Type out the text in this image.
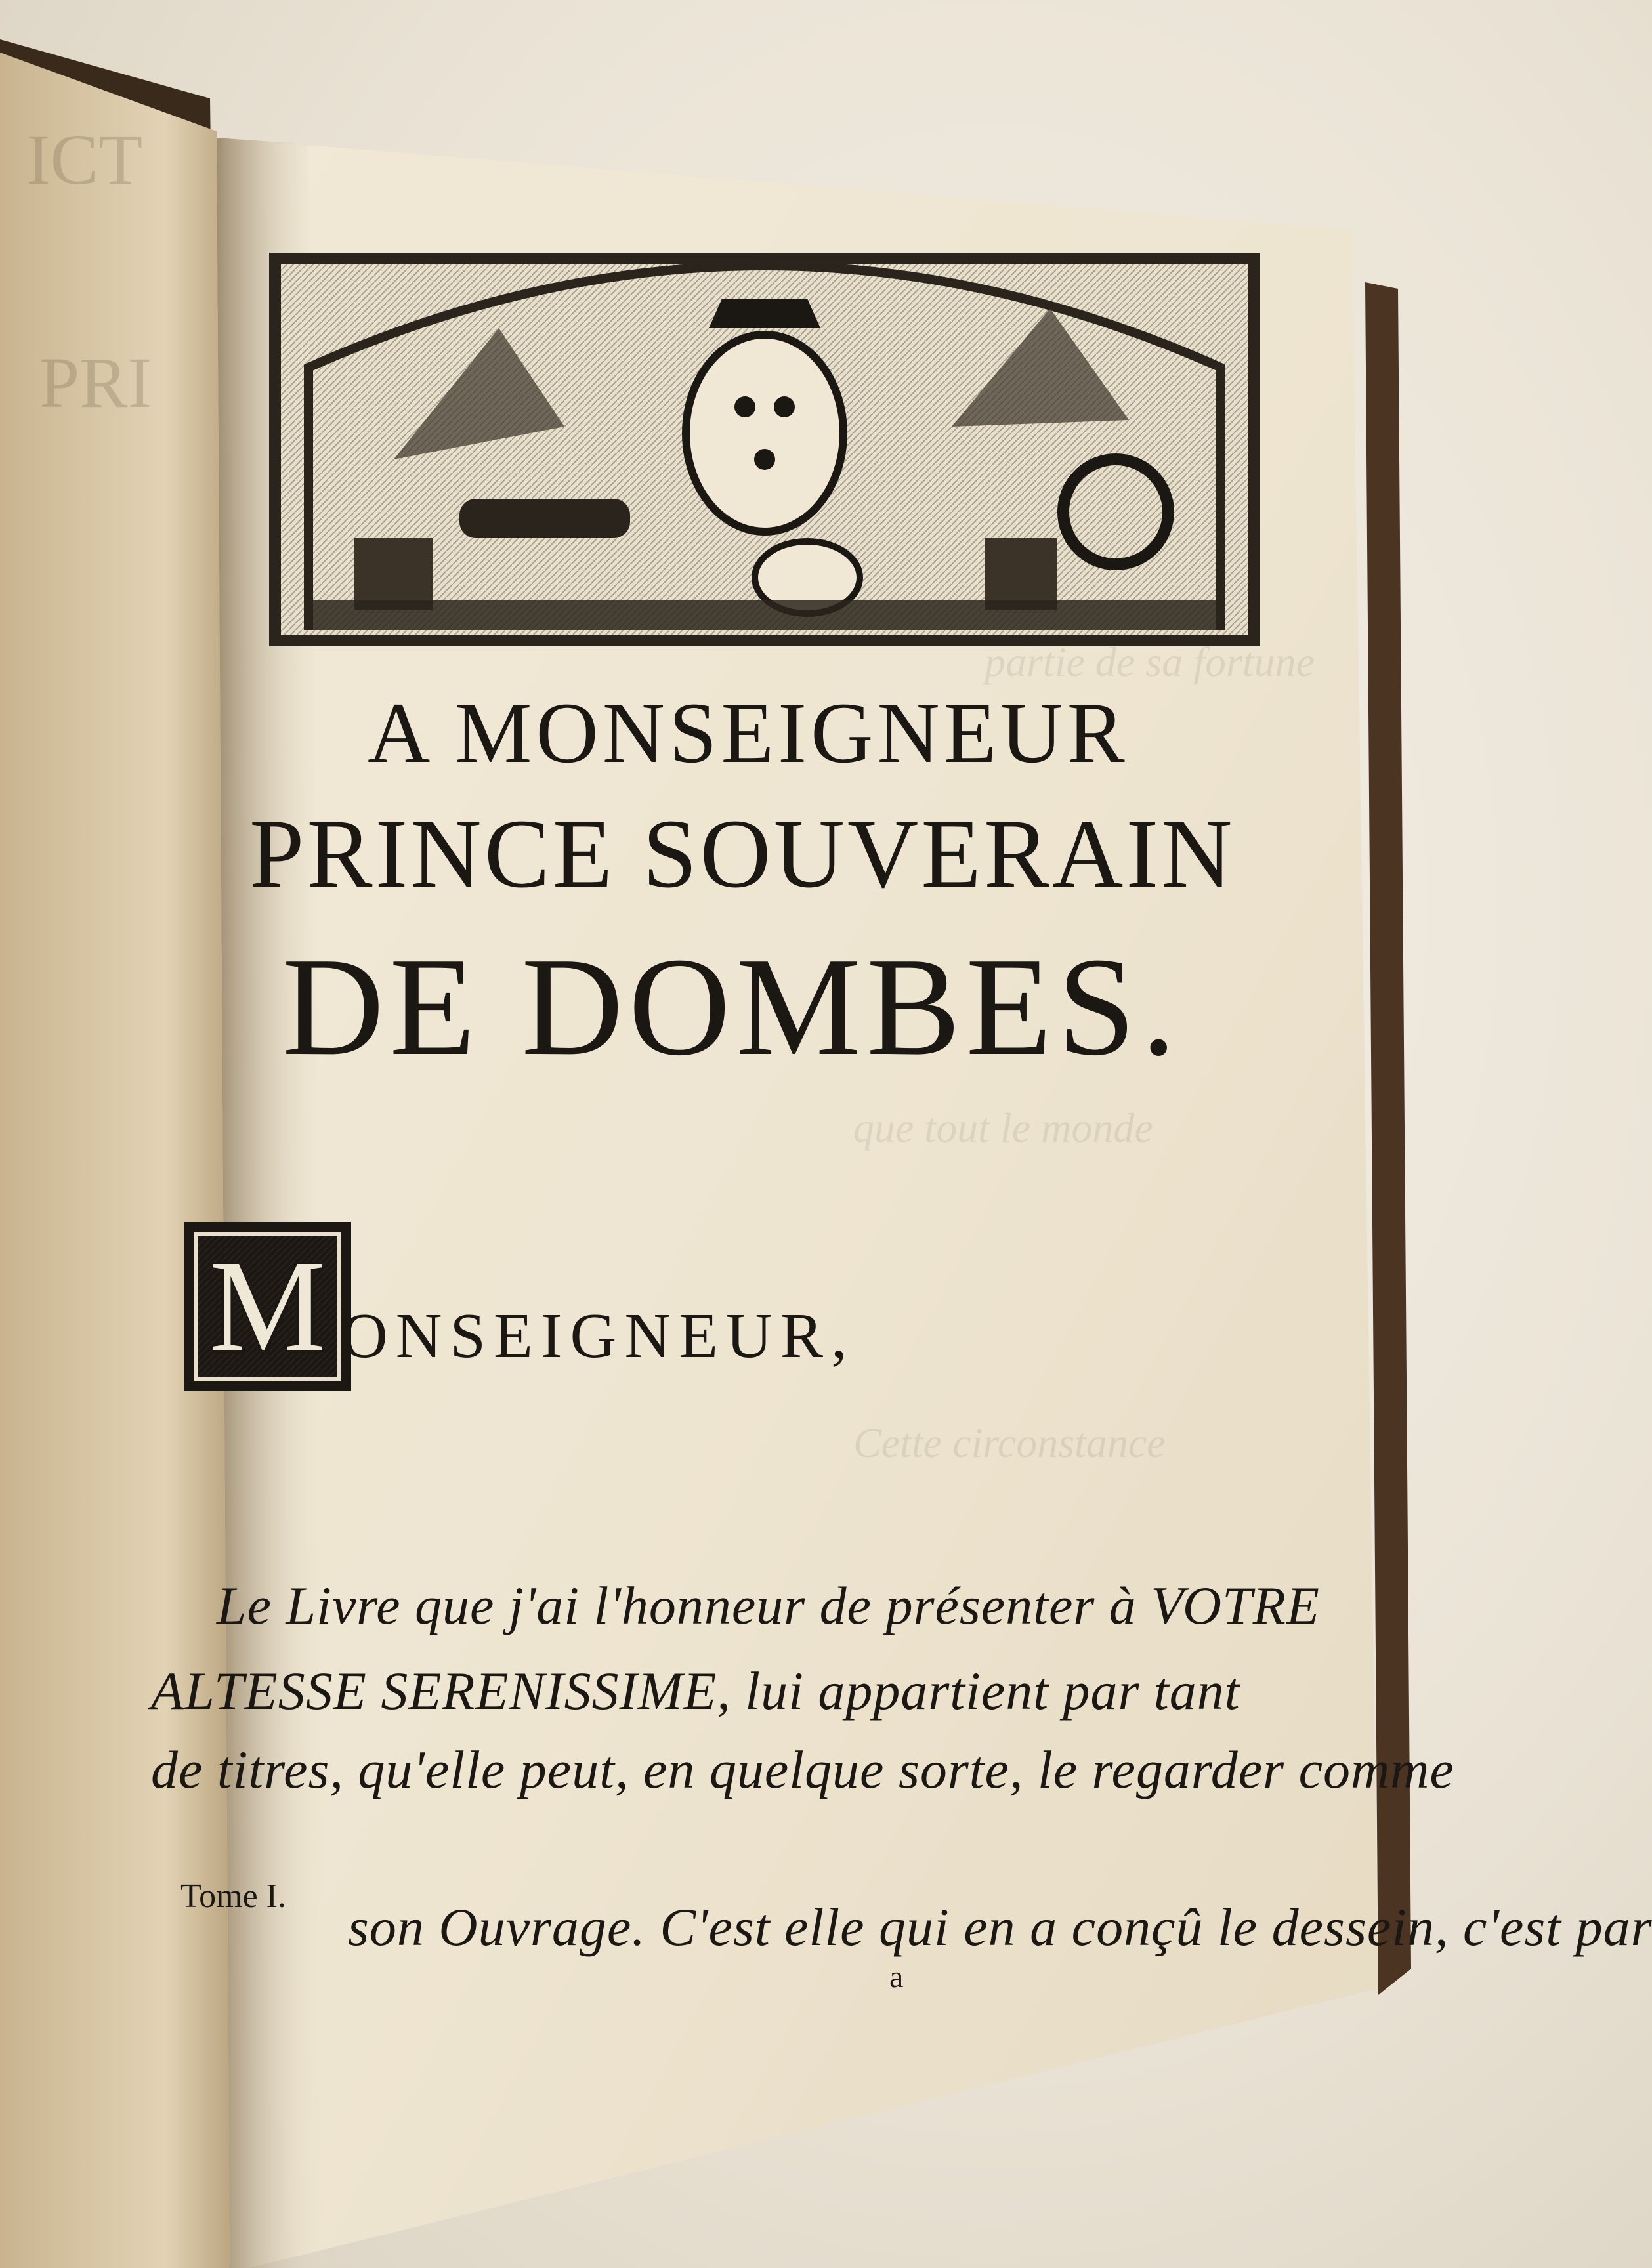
ICT
PRI
partie de sa fortune
que tout le monde
Cette circonstance
A MONSEIGNEUR
PRINCE SOUVERAIN
DE DOMBES.
M ONSEIGNEUR,
Le Livre que j'ai l'honneur de présenter à VOTRE
ALTESSE SERENISSIME, lui appartient par tant
de titres, qu'elle peut, en quelque sorte, le regarder comme
son Ouvrage. C'est elle qui en a conçû le dessein, c'est par
Tome I.
a
